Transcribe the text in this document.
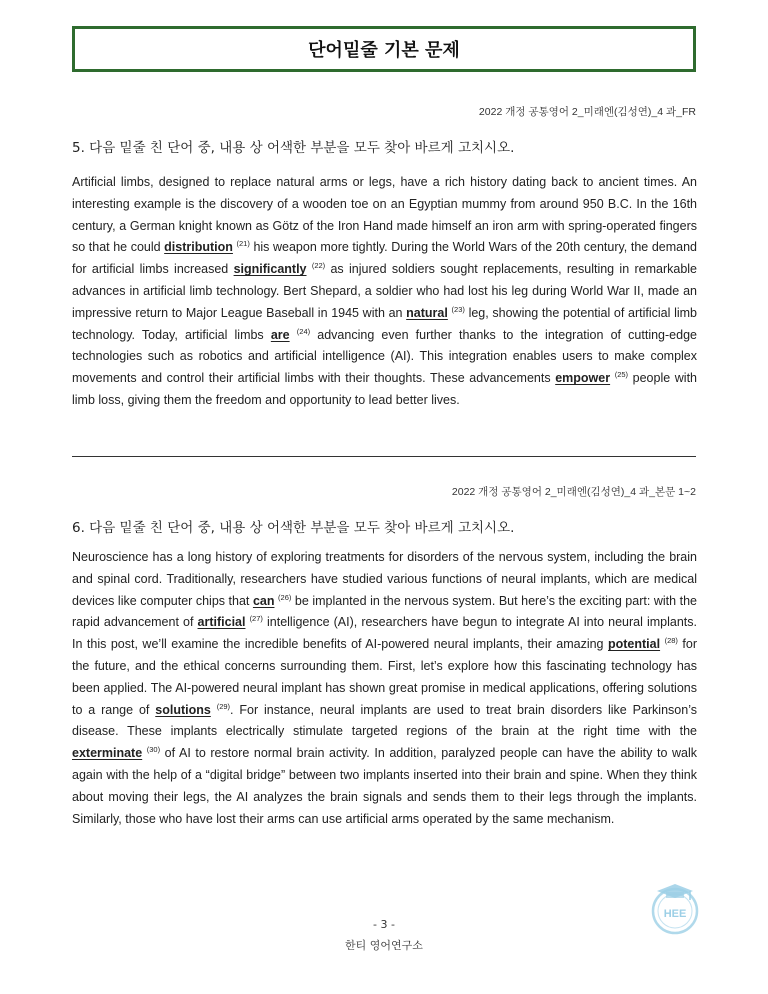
단어밑줄 기본 문제
2022 개정 공통영어 2_미래엔(김성연)_4 과_FR
5. 다음 밑줄 친 단어 중, 내용 상 어색한 부분을 모두 찾아 바르게 고치시오.

Artificial limbs, designed to replace natural arms or legs, have a rich history dating back to ancient times. An interesting example is the discovery of a wooden toe on an Egyptian mummy from around 950 B.C. In the 16th century, a German knight known as Götz of the Iron Hand made himself an iron arm with spring-operated fingers so that he could distribution $^{(21)}$ his weapon more tightly. During the World Wars of the 20th century, the demand for artificial limbs increased significantly $^{(22)}$ as injured soldiers sought replacements, resulting in remarkable advances in artificial limb technology. Bert Shepard, a soldier who had lost his leg during World War II, made an impressive return to Major League Baseball in 1945 with an natural $^{(23)}$ leg, showing the potential of artificial limb technology. Today, artificial limbs are $^{(24)}$ advancing even further thanks to the integration of cutting-edge technologies such as robotics and artificial intelligence (AI). This integration enables users to make complex movements and control their artificial limbs with their thoughts. These advancements empower $^{(25)}$ people with limb loss, giving them the freedom and opportunity to lead better lives.

2022 개정 공통영어 2_미래엔(김성연)_4 과_본문 1~2
6. 다음 밑줄 친 단어 중, 내용 상 어색한 부분을 모두 찾아 바르게 고치시오.

Neuroscience has a long history of exploring treatments for disorders of the nervous system, including the brain and spinal cord. Traditionally, researchers have studied various functions of neural implants, which are medical devices like computer chips that can $^{(26)}$ be implanted in the nervous system. But here’s the exciting part: with the rapid advancement of artificial $^{(27)}$ intelligence (AI), researchers have begun to integrate AI into neural implants. In this post, we’ll examine the incredible benefits of AI-powered neural implants, their amazing potential $^{(28)}$ for the future, and the ethical concerns surrounding them. First, let’s explore how this fascinating technology has been applied. The AI-powered neural implant has shown great promise in medical applications, offering solutions to a range of solutions $^{(29)}$. For instance, neural implants are used to treat brain disorders like Parkinson’s disease. These implants electrically stimulate targeted regions of the brain at the right time with the exterminate $^{(30)}$ of AI to restore normal brain activity. In addition, paralyzed people can have the ability to walk again with the help of a “digital bridge” between two implants inserted into their brain and spine. When they think about moving their legs, the AI analyzes the brain signals and sends them to their legs through the implants. Similarly, those who have lost their arms can use artificial arms operated by the same mechanism.

- 3 -
한티 영어연구소
HEE
